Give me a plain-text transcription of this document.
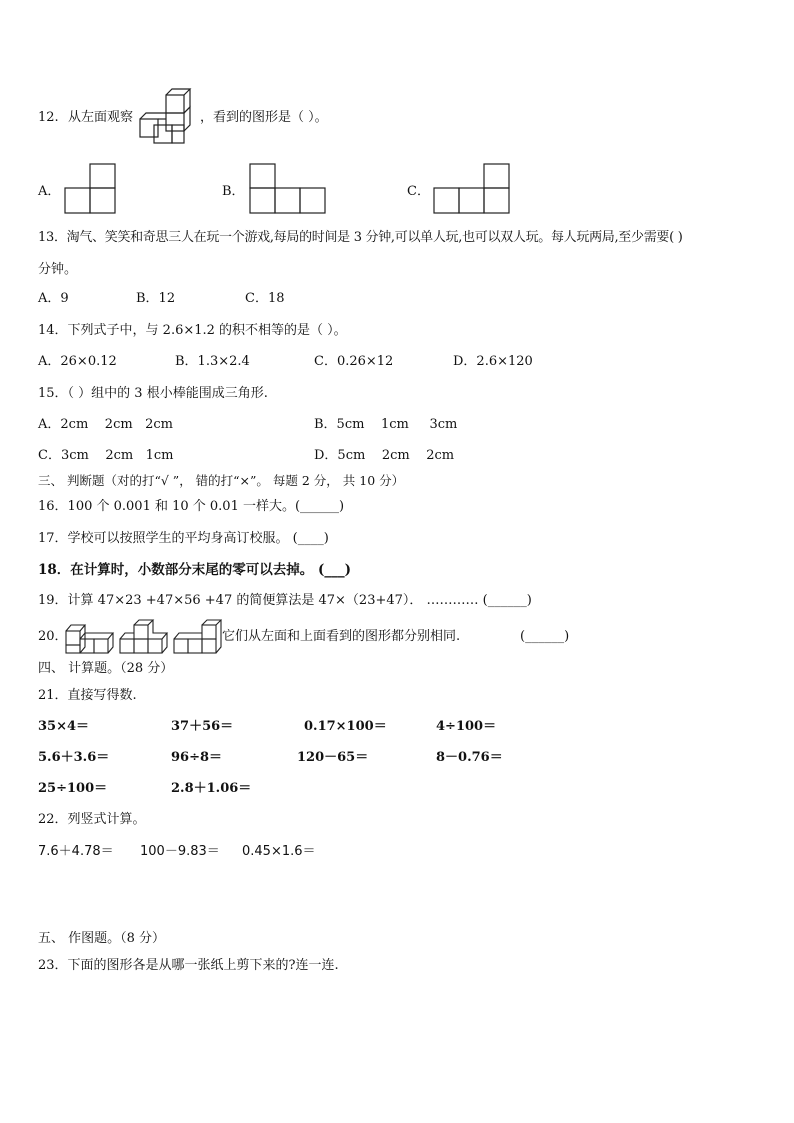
12. 从左面观察	，看到的图形是（ ）。
A．	B．	C．
13．淘气、笑笑和奇思三人在玩一个游戏,每局的时间是 3 分钟,可以单人玩,也可以双人玩。每人玩两局,至少需要( )
分钟。
A．9	B．12	C．18
14．下列式子中，与 2.6×1.2 的积不相等的是（ ）。
A．26×0.12	B．1.3×2.4	C．0.26×12	D．2.6×120
15．（ ）组中的 3 根小棒能围成三角形.
A．2cm    2cm   2cm	B．5cm    1cm     3cm
C．3cm    2cm   1cm	D．5cm    2cm    2cm
三、 判断题（对的打“√ ”， 错的打“×”。 每题 2 分， 共 10 分）
16．100 个 0.001 和 10 个 0.01 一样大。(______)
17．学校可以按照学生的平均身高订校服。 (____)
18．在计算时，小数部分末尾的零可以去掉。 (___)
19．计算 47×23 +47×56 +47 的简便算法是 47×（23+47）． ………… (______)
20．	它们从左面和上面看到的图形都分别相同.	(______)
四、 计算题。（28 分）
21．直接写得数.
35×4＝	37＋56＝	0.17×100＝	4÷100＝
5.6＋3.6＝	96÷8＝	120－65＝	8－0.76＝
25÷100＝	2.8＋1.06＝
22．列竖式计算。
7.6＋4.78＝ 100－9.83＝ 0.45×1.6＝
五、 作图题。（8 分）
23．下面的图形各是从哪一张纸上剪下来的?连一连.
